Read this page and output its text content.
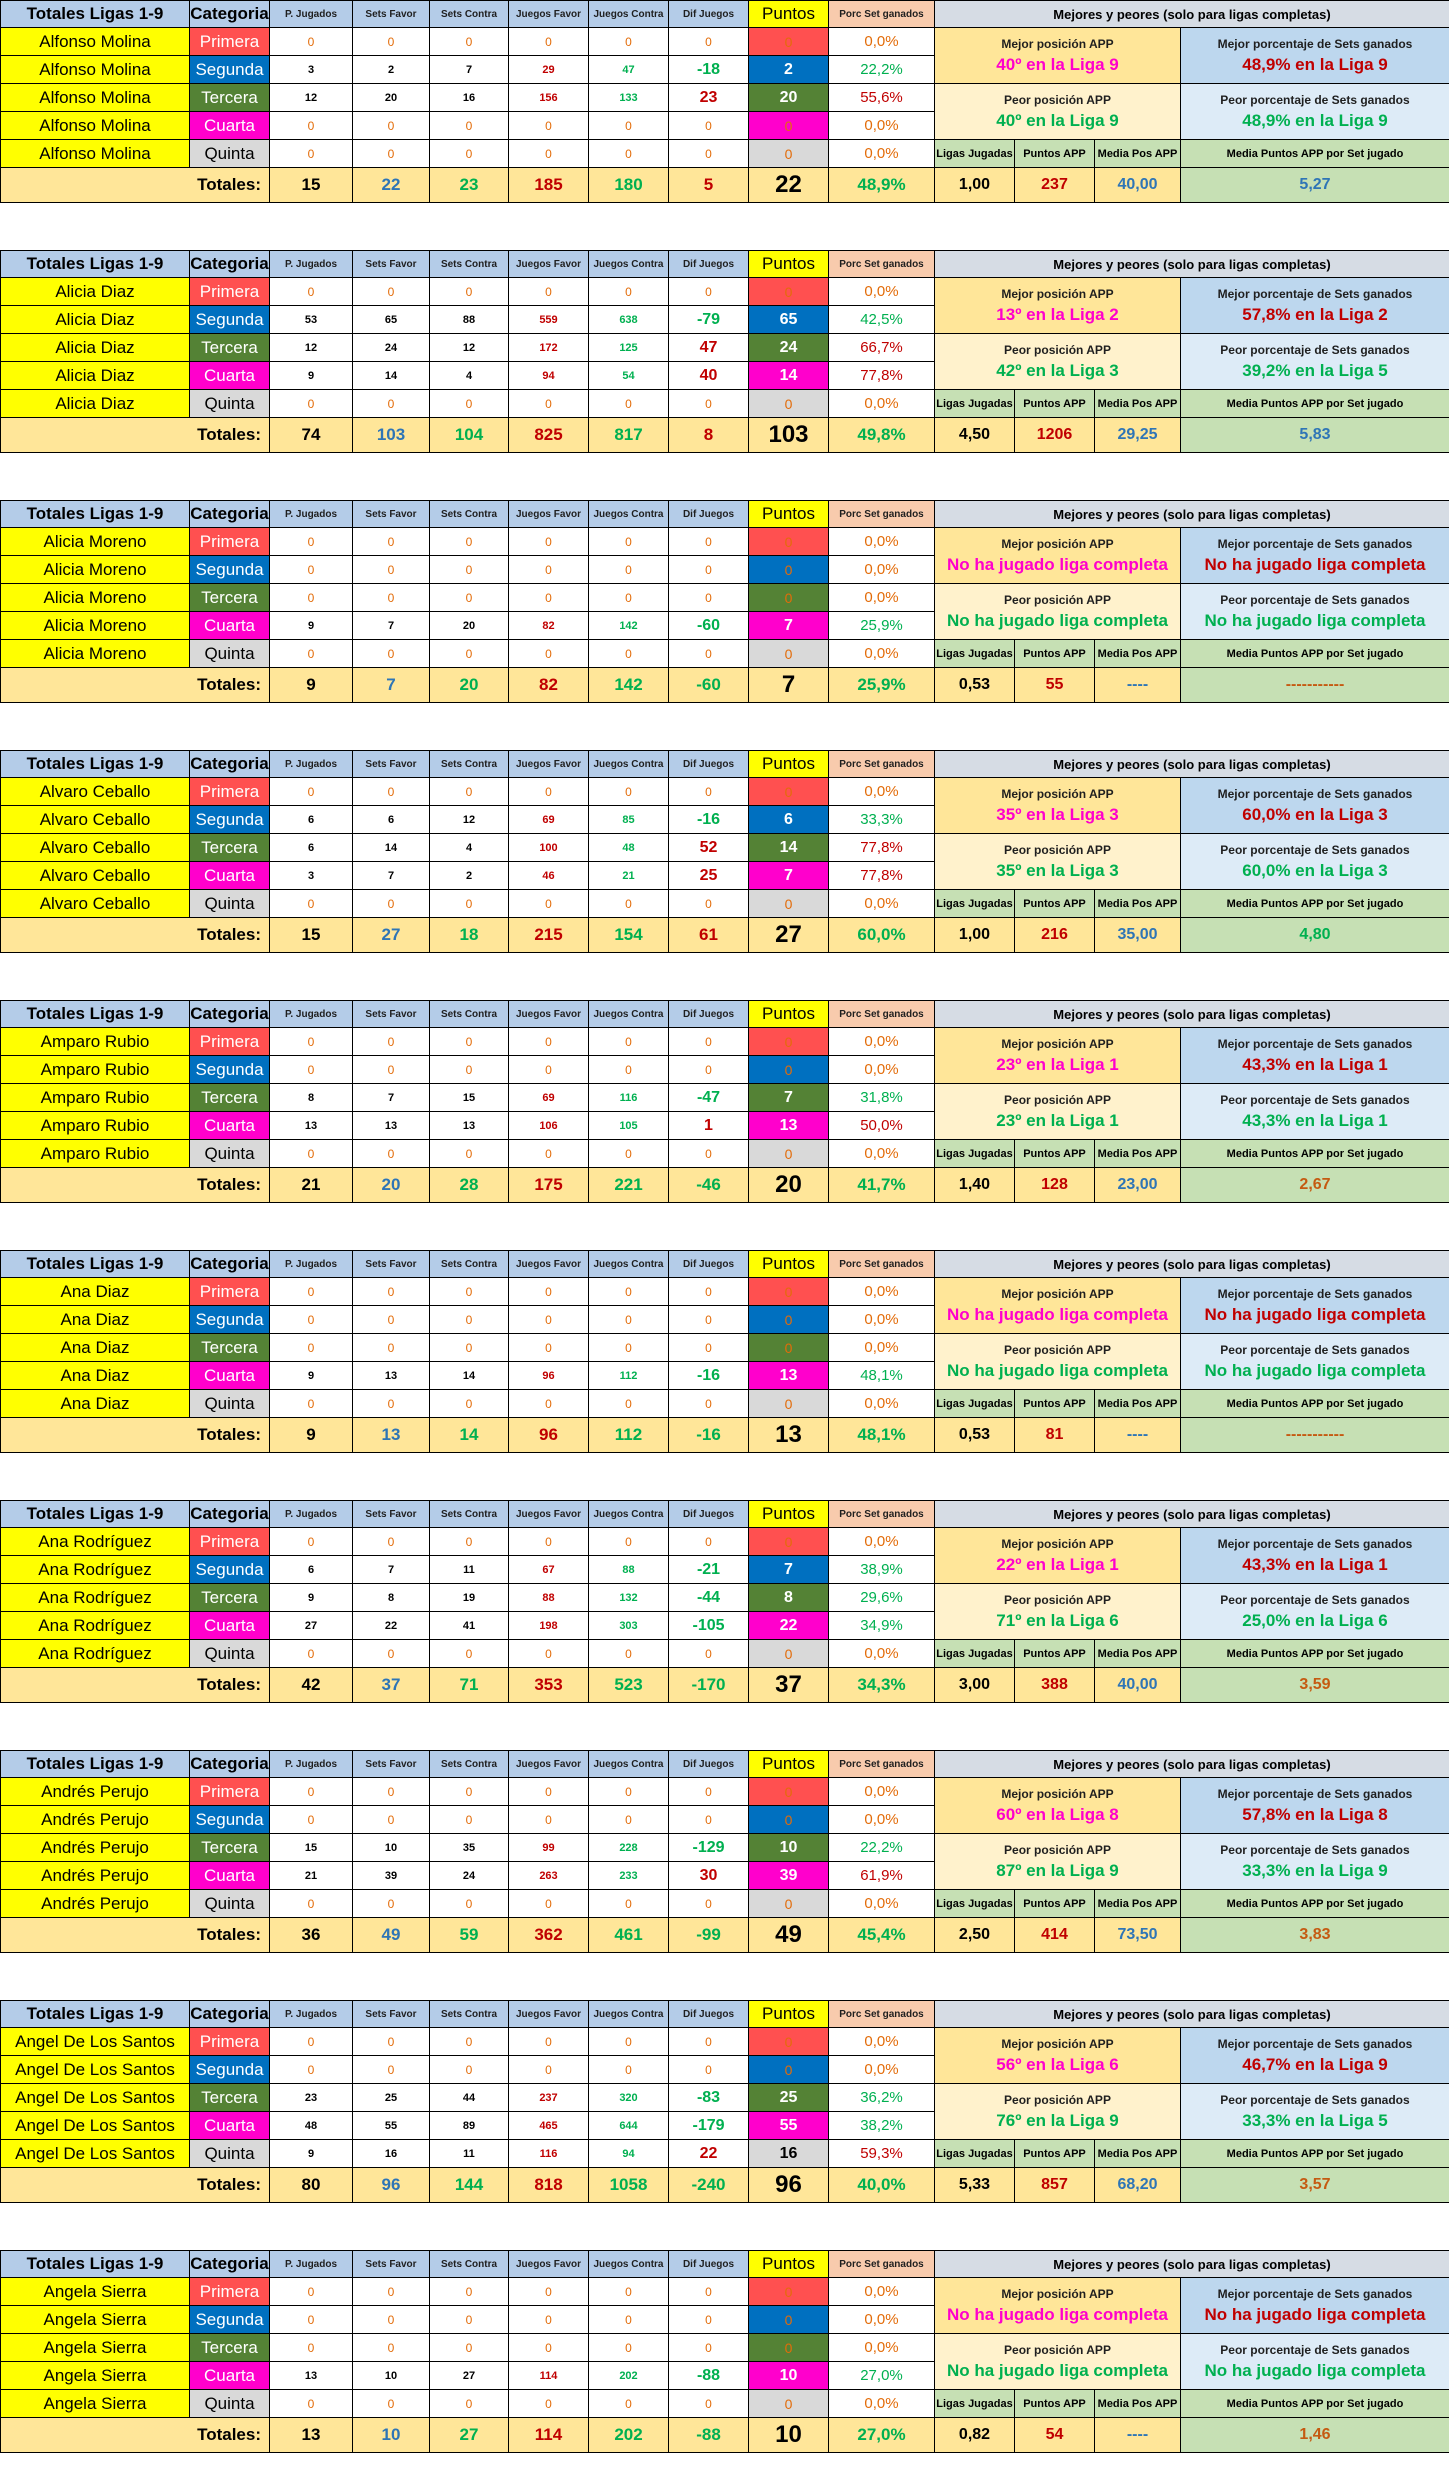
Totales Ligas 1-9	Categoria	P. Jugados	Sets Favor	Sets Contra	Juegos Favor	Juegos Contra	Dif Juegos	Puntos	Porc Set ganados	Mejores y peores (solo para ligas completas)			
Alfonso Molina	Primera	0	0	0	0	0	0	0	0,0%	Mejor posición APP
40º en la Liga 9			Mejor porcentaje de Sets ganados
48,9% en la Liga 9

Alfonso Molina	Segunda	3	2	7	29	47	-18	2	22,2%				
Alfonso Molina	Tercera	12	20	16	156	133	23	20	55,6%	Peor posición APP
40º en la Liga 9			Peor porcentaje de Sets ganados
48,9% en la Liga 9

Alfonso Molina	Cuarta	0	0	0	0	0	0	0	0,0%				
Alfonso Molina	Quinta	0	0	0	0	0	0	0	0,0%	Ligas Jugadas	Puntos APP	Media Pos APP	Media Puntos APP por Set jugado
Totales:		15	22	23	185	180	5	22	48,9%	1,00	237	40,00	5,27
Totales Ligas 1-9	Categoria	P. Jugados	Sets Favor	Sets Contra	Juegos Favor	Juegos Contra	Dif Juegos	Puntos	Porc Set ganados	Mejores y peores (solo para ligas completas)			
Alicia Diaz	Primera	0	0	0	0	0	0	0	0,0%	Mejor posición APP
13º en la Liga 2			Mejor porcentaje de Sets ganados
57,8% en la Liga 2

Alicia Diaz	Segunda	53	65	88	559	638	-79	65	42,5%				
Alicia Diaz	Tercera	12	24	12	172	125	47	24	66,7%	Peor posición APP
42º en la Liga 3			Peor porcentaje de Sets ganados
39,2% en la Liga 5

Alicia Diaz	Cuarta	9	14	4	94	54	40	14	77,8%				
Alicia Diaz	Quinta	0	0	0	0	0	0	0	0,0%	Ligas Jugadas	Puntos APP	Media Pos APP	Media Puntos APP por Set jugado
Totales:		74	103	104	825	817	8	103	49,8%	4,50	1206	29,25	5,83
Totales Ligas 1-9	Categoria	P. Jugados	Sets Favor	Sets Contra	Juegos Favor	Juegos Contra	Dif Juegos	Puntos	Porc Set ganados	Mejores y peores (solo para ligas completas)			
Alicia Moreno	Primera	0	0	0	0	0	0	0	0,0%	Mejor posición APP
No ha jugado liga completa			Mejor porcentaje de Sets ganados
No ha jugado liga completa

Alicia Moreno	Segunda	0	0	0	0	0	0	0	0,0%				
Alicia Moreno	Tercera	0	0	0	0	0	0	0	0,0%	Peor posición APP
No ha jugado liga completa			Peor porcentaje de Sets ganados
No ha jugado liga completa

Alicia Moreno	Cuarta	9	7	20	82	142	-60	7	25,9%				
Alicia Moreno	Quinta	0	0	0	0	0	0	0	0,0%	Ligas Jugadas	Puntos APP	Media Pos APP	Media Puntos APP por Set jugado
Totales:		9	7	20	82	142	-60	7	25,9%	0,53	55	----	-----------
Totales Ligas 1-9	Categoria	P. Jugados	Sets Favor	Sets Contra	Juegos Favor	Juegos Contra	Dif Juegos	Puntos	Porc Set ganados	Mejores y peores (solo para ligas completas)			
Alvaro Ceballo	Primera	0	0	0	0	0	0	0	0,0%	Mejor posición APP
35º en la Liga 3			Mejor porcentaje de Sets ganados
60,0% en la Liga 3

Alvaro Ceballo	Segunda	6	6	12	69	85	-16	6	33,3%				
Alvaro Ceballo	Tercera	6	14	4	100	48	52	14	77,8%	Peor posición APP
35º en la Liga 3			Peor porcentaje de Sets ganados
60,0% en la Liga 3

Alvaro Ceballo	Cuarta	3	7	2	46	21	25	7	77,8%				
Alvaro Ceballo	Quinta	0	0	0	0	0	0	0	0,0%	Ligas Jugadas	Puntos APP	Media Pos APP	Media Puntos APP por Set jugado
Totales:		15	27	18	215	154	61	27	60,0%	1,00	216	35,00	4,80
Totales Ligas 1-9	Categoria	P. Jugados	Sets Favor	Sets Contra	Juegos Favor	Juegos Contra	Dif Juegos	Puntos	Porc Set ganados	Mejores y peores (solo para ligas completas)			
Amparo Rubio	Primera	0	0	0	0	0	0	0	0,0%	Mejor posición APP
23º en la Liga 1			Mejor porcentaje de Sets ganados
43,3% en la Liga 1

Amparo Rubio	Segunda	0	0	0	0	0	0	0	0,0%				
Amparo Rubio	Tercera	8	7	15	69	116	-47	7	31,8%	Peor posición APP
23º en la Liga 1			Peor porcentaje de Sets ganados
43,3% en la Liga 1

Amparo Rubio	Cuarta	13	13	13	106	105	1	13	50,0%				
Amparo Rubio	Quinta	0	0	0	0	0	0	0	0,0%	Ligas Jugadas	Puntos APP	Media Pos APP	Media Puntos APP por Set jugado
Totales:		21	20	28	175	221	-46	20	41,7%	1,40	128	23,00	2,67
Totales Ligas 1-9	Categoria	P. Jugados	Sets Favor	Sets Contra	Juegos Favor	Juegos Contra	Dif Juegos	Puntos	Porc Set ganados	Mejores y peores (solo para ligas completas)			
Ana Diaz	Primera	0	0	0	0	0	0	0	0,0%	Mejor posición APP
No ha jugado liga completa			Mejor porcentaje de Sets ganados
No ha jugado liga completa

Ana Diaz	Segunda	0	0	0	0	0	0	0	0,0%				
Ana Diaz	Tercera	0	0	0	0	0	0	0	0,0%	Peor posición APP
No ha jugado liga completa			Peor porcentaje de Sets ganados
No ha jugado liga completa

Ana Diaz	Cuarta	9	13	14	96	112	-16	13	48,1%				
Ana Diaz	Quinta	0	0	0	0	0	0	0	0,0%	Ligas Jugadas	Puntos APP	Media Pos APP	Media Puntos APP por Set jugado
Totales:		9	13	14	96	112	-16	13	48,1%	0,53	81	----	-----------
Totales Ligas 1-9	Categoria	P. Jugados	Sets Favor	Sets Contra	Juegos Favor	Juegos Contra	Dif Juegos	Puntos	Porc Set ganados	Mejores y peores (solo para ligas completas)			
Ana Rodríguez	Primera	0	0	0	0	0	0	0	0,0%	Mejor posición APP
22º en la Liga 1			Mejor porcentaje de Sets ganados
43,3% en la Liga 1

Ana Rodríguez	Segunda	6	7	11	67	88	-21	7	38,9%				
Ana Rodríguez	Tercera	9	8	19	88	132	-44	8	29,6%	Peor posición APP
71º en la Liga 6			Peor porcentaje de Sets ganados
25,0% en la Liga 6

Ana Rodríguez	Cuarta	27	22	41	198	303	-105	22	34,9%				
Ana Rodríguez	Quinta	0	0	0	0	0	0	0	0,0%	Ligas Jugadas	Puntos APP	Media Pos APP	Media Puntos APP por Set jugado
Totales:		42	37	71	353	523	-170	37	34,3%	3,00	388	40,00	3,59
Totales Ligas 1-9	Categoria	P. Jugados	Sets Favor	Sets Contra	Juegos Favor	Juegos Contra	Dif Juegos	Puntos	Porc Set ganados	Mejores y peores (solo para ligas completas)			
Andrés Perujo	Primera	0	0	0	0	0	0	0	0,0%	Mejor posición APP
60º en la Liga 8			Mejor porcentaje de Sets ganados
57,8% en la Liga 8

Andrés Perujo	Segunda	0	0	0	0	0	0	0	0,0%				
Andrés Perujo	Tercera	15	10	35	99	228	-129	10	22,2%	Peor posición APP
87º en la Liga 9			Peor porcentaje de Sets ganados
33,3% en la Liga 9

Andrés Perujo	Cuarta	21	39	24	263	233	30	39	61,9%				
Andrés Perujo	Quinta	0	0	0	0	0	0	0	0,0%	Ligas Jugadas	Puntos APP	Media Pos APP	Media Puntos APP por Set jugado
Totales:		36	49	59	362	461	-99	49	45,4%	2,50	414	73,50	3,83
Totales Ligas 1-9	Categoria	P. Jugados	Sets Favor	Sets Contra	Juegos Favor	Juegos Contra	Dif Juegos	Puntos	Porc Set ganados	Mejores y peores (solo para ligas completas)			
Angel De Los Santos	Primera	0	0	0	0	0	0	0	0,0%	Mejor posición APP
56º en la Liga 6			Mejor porcentaje de Sets ganados
46,7% en la Liga 9

Angel De Los Santos	Segunda	0	0	0	0	0	0	0	0,0%				
Angel De Los Santos	Tercera	23	25	44	237	320	-83	25	36,2%	Peor posición APP
76º en la Liga 9			Peor porcentaje de Sets ganados
33,3% en la Liga 5

Angel De Los Santos	Cuarta	48	55	89	465	644	-179	55	38,2%				
Angel De Los Santos	Quinta	9	16	11	116	94	22	16	59,3%	Ligas Jugadas	Puntos APP	Media Pos APP	Media Puntos APP por Set jugado
Totales:		80	96	144	818	1058	-240	96	40,0%	5,33	857	68,20	3,57
Totales Ligas 1-9	Categoria	P. Jugados	Sets Favor	Sets Contra	Juegos Favor	Juegos Contra	Dif Juegos	Puntos	Porc Set ganados	Mejores y peores (solo para ligas completas)			
Angela Sierra	Primera	0	0	0	0	0	0	0	0,0%	Mejor posición APP
No ha jugado liga completa			Mejor porcentaje de Sets ganados
No ha jugado liga completa

Angela Sierra	Segunda	0	0	0	0	0	0	0	0,0%				
Angela Sierra	Tercera	0	0	0	0	0	0	0	0,0%	Peor posición APP
No ha jugado liga completa			Peor porcentaje de Sets ganados
No ha jugado liga completa

Angela Sierra	Cuarta	13	10	27	114	202	-88	10	27,0%				
Angela Sierra	Quinta	0	0	0	0	0	0	0	0,0%	Ligas Jugadas	Puntos APP	Media Pos APP	Media Puntos APP por Set jugado
Totales:		13	10	27	114	202	-88	10	27,0%	0,82	54	----	1,46
